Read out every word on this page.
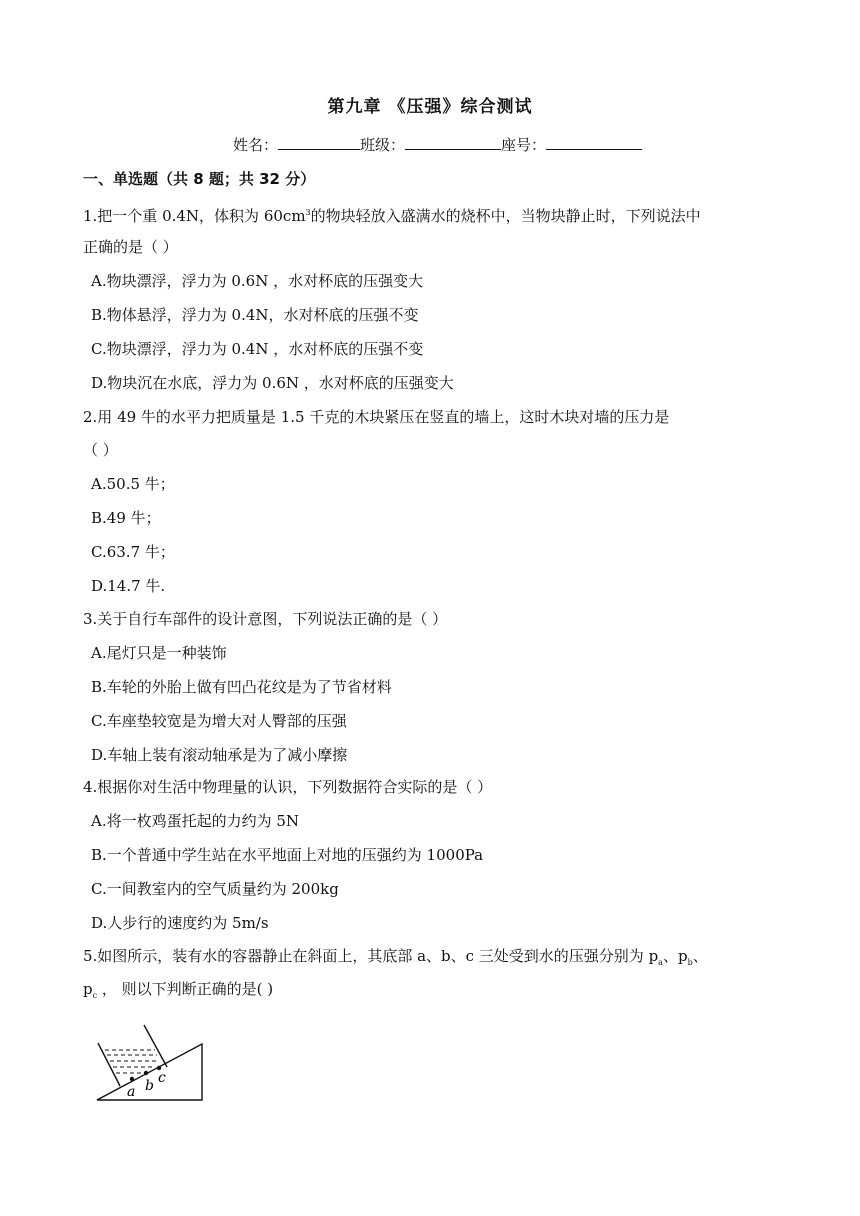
第九章 《压强》综合测试
姓名：	班级：	座号：
一、单选题（共 8 题；共 32 分）
1.把一个重 0.4N，体积为 $60cm^3$的物块轻放入盛满水的烧杯中，当物块静止时，下列说法中
正确的是（ ）
A.物块漂浮，浮力为 0.6N ，水对杯底的压强变大
B.物体悬浮，浮力为 0.4N，水对杯底的压强不变
C.物块漂浮，浮力为 0.4N ，水对杯底的压强不变
D.物块沉在水底，浮力为 0.6N ，水对杯底的压强变大
2.用 49 牛的水平力把质量是 1.5 千克的木块紧压在竖直的墙上，这时木块对墙的压力是
（ ）
A.50.5 牛；
B.49 牛；
C.63.7 牛；
D.14.7 牛.
3.关于自行车部件的设计意图，下列说法正确的是（ ）
A.尾灯只是一种装饰
B.车轮的外胎上做有凹凸花纹是为了节省材料
C.车座垫较宽是为增大对人臀部的压强
D.车轴上装有滚动轴承是为了减小摩擦
4.根据你对生活中物理量的认识，下列数据符合实际的是（ ）
A.将一枚鸡蛋托起的力约为 5N
B.一个普通中学生站在水平地面上对地的压强约为 1000Pa
C.一间教室内的空气质量约为 200kg
D.人步行的速度约为 5m/s
5.如图所示，装有水的容器静止在斜面上，其底部 a、b、c 三处受到水的压强分别为 $p_a$、$p_b$、
$p_c$ ， 则以下判断正确的是( )
a b c
